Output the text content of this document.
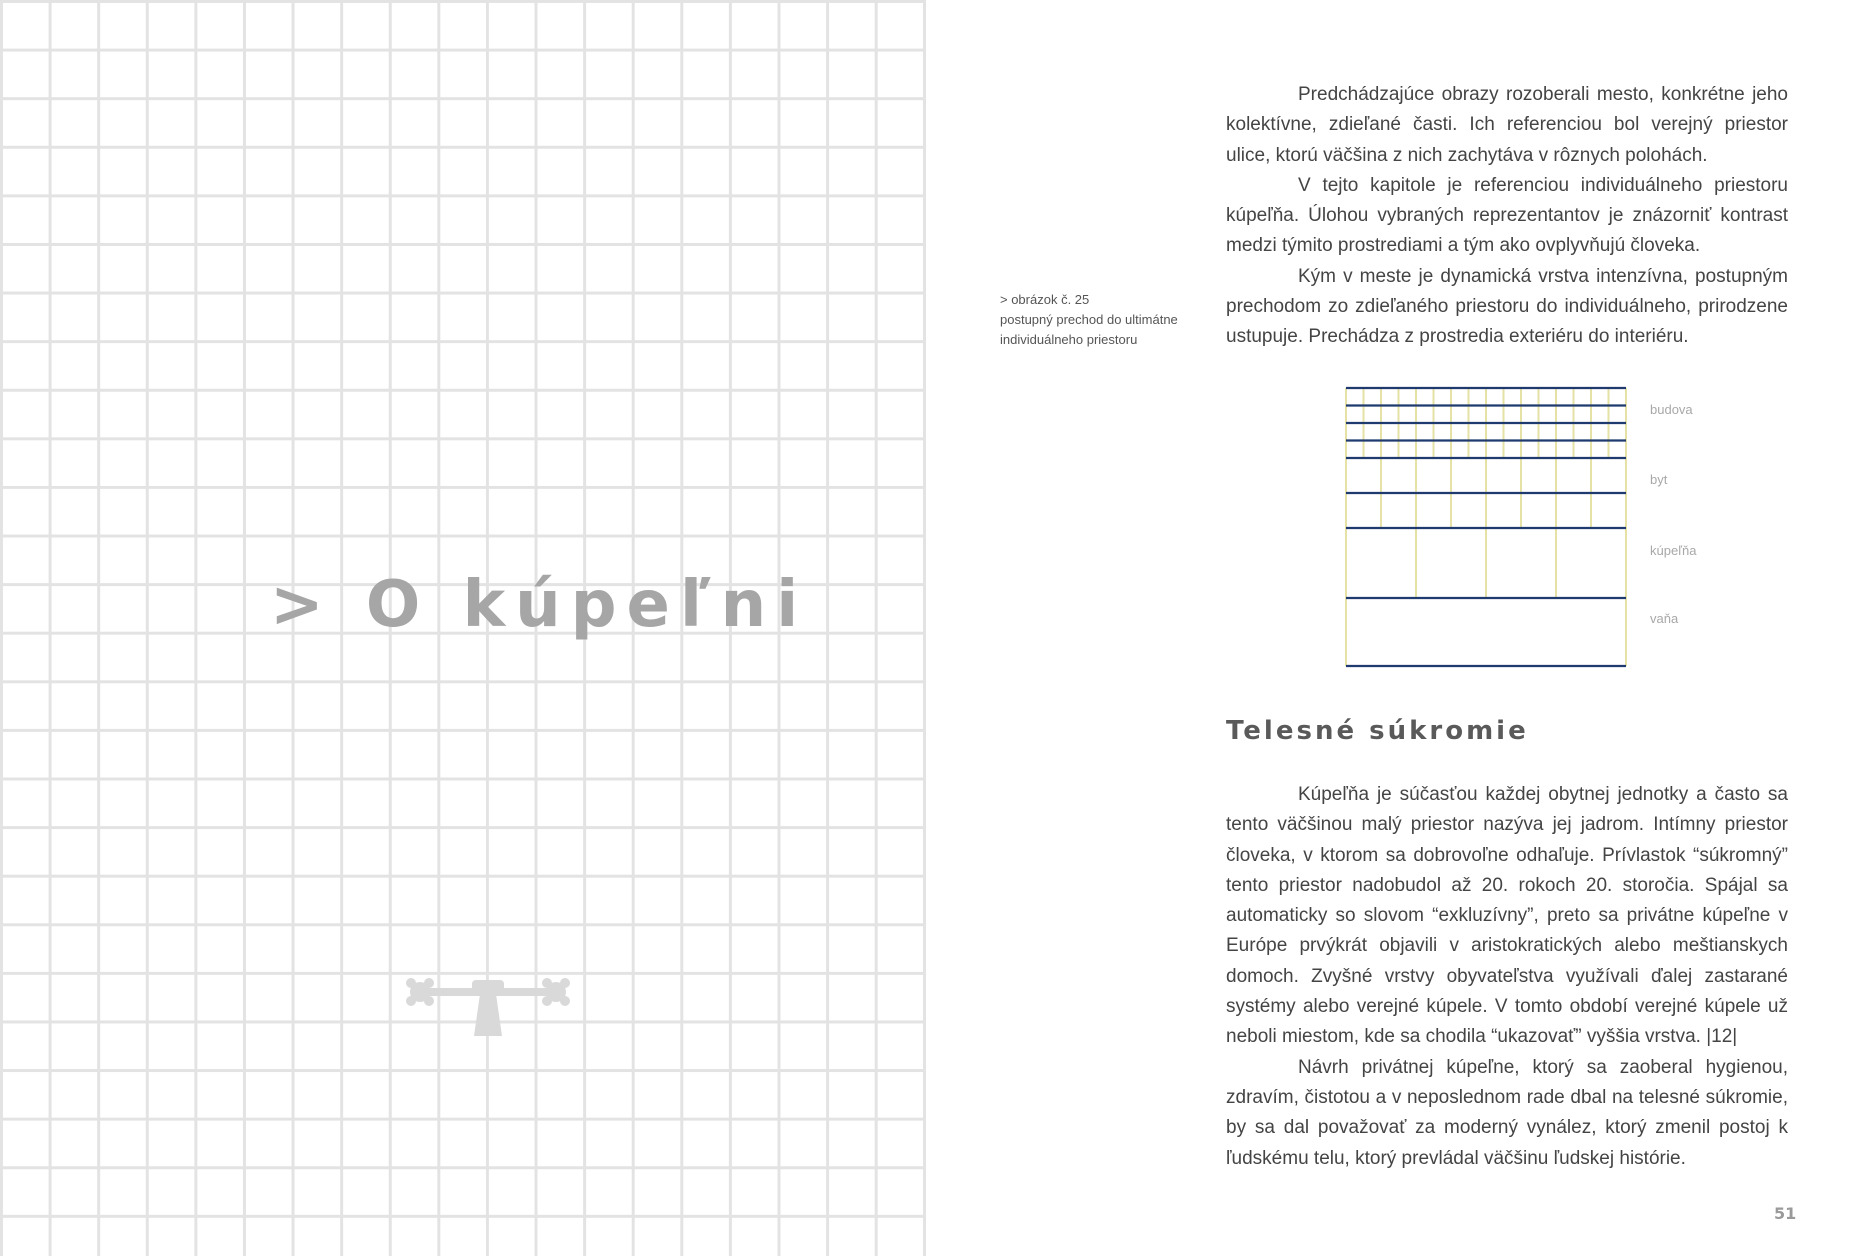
> O kúpeľni
> obrázok č. 25
postupný prechod do ultimátne
individuálneho priestoru

Predchádzajúce obrazy rozoberali mesto, konkrétne jeho kolektívne, zdieľané časti. Ich referenciou bol verejný priestor ulice, ktorú väčšina z nich zachytáva v rôznych polohách.

V tejto kapitole je referenciou individuálneho priestoru kúpeľňa. Úlohou vybraných reprezentantov je znázorniť kontrast medzi týmito prostrediami a tým ako ovplyvňujú človeka.

Kým v meste je dynamická vrstva intenzívna, postupným prechodom zo zdieľaného priestoru do individuálneho, prirodzene ustupuje. Prechádza z prostredia exteriéru do interiéru.

budova
byt
kúpeľňa
vaňa
Telesné súkromie

Kúpeľňa je súčasťou každej obytnej jednotky a často sa tento väčšinou malý priestor nazýva jej jadrom. Intímny priestor človeka, v ktorom sa dobrovoľne odhaľuje. Prívlastok “súkromný” tento priestor nadobudol až 20. rokoch 20. storočia. Spájal sa automaticky so slovom “exkluzívny”, preto sa privátne kúpeľne v Európe prvýkrát objavili v aristokratických alebo meštianskych domoch. Zvyšné vrstvy obyvateľstva využívali ďalej zastarané systémy alebo verejné kúpele. V tomto období verejné kúpele už neboli miestom, kde sa chodila “ukazovať” vyššia vrstva. |12|

Návrh privátnej kúpeľne, ktorý sa zaoberal hygienou, zdravím, čistotou a v neposlednom rade dbal na telesné súkromie, by sa dal považovať za moderný vynález, ktorý zmenil postoj k ľudskému telu, ktorý prevládal väčšinu ľudskej histórie.

51
